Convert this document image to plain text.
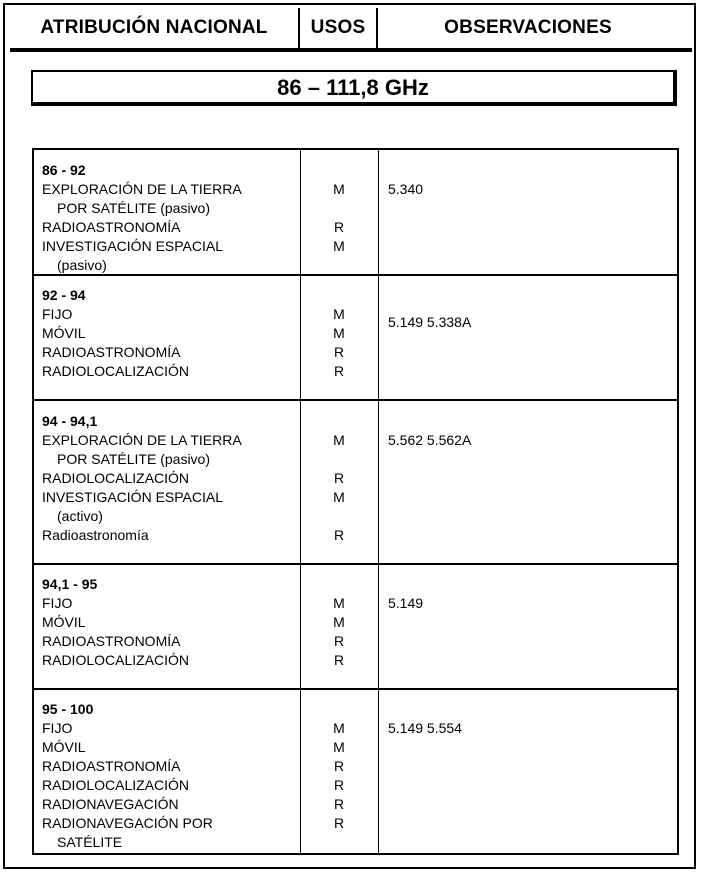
ATRIBUCIÓN NACIONAL	USOS	OBSERVACIONES
86 – 111,8 GHz
86 - 92
EXPLORACIÓN DE LA TIERRA
POR SATÉLITE (pasivo)
RADIOASTRONOMÍA
INVESTIGACIÓN ESPACIAL
(pasivo)
M
R
M
5.340
92 - 94
FIJO
MÓVIL
RADIOASTRONOMÍA
RADIOLOCALIZACIÓN
M
M
R
R
5.149 5.338A
94 - 94,1
EXPLORACIÓN DE LA TIERRA
POR SATÉLITE (pasivo)
RADIOLOCALIZACIÓN
INVESTIGACIÓN ESPACIAL
(activo)
Radioastronomía
M
R
M
R
5.562 5.562A
94,1 - 95
FIJO
MÓVIL
RADIOASTRONOMÍA
RADIOLOCALIZACIÓN
M
M
R
R
5.149
95 - 100
FIJO
MÓVIL
RADIOASTRONOMÍA
RADIOLOCALIZACIÓN
RADIONAVEGACIÓN
RADIONAVEGACIÓN POR
SATÉLITE
M
M
R
R
R
R
5.149 5.554
